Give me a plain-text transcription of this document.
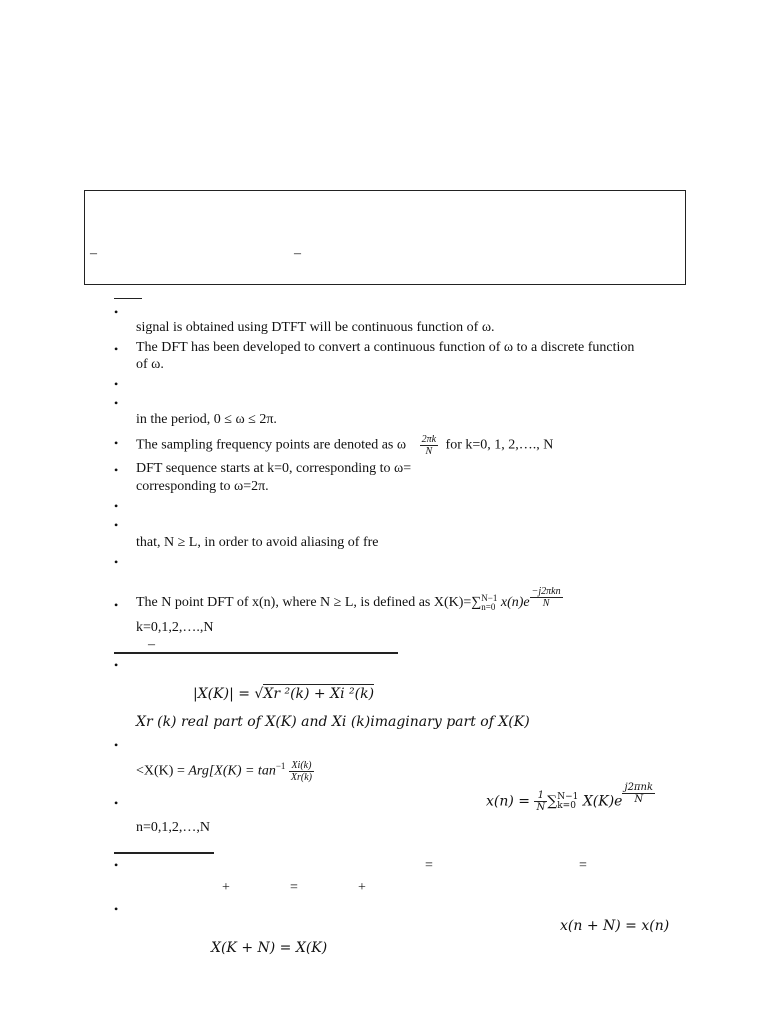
–	–
•
signal is obtained using DTFT will be continuous function of ω.
• The DFT has been developed to convert a continuous function of ω to a discrete function
of ω.
•
•
in the period, 0 ≤ ω ≤ 2π.
• The sampling frequency points are denoted as ω $\frac{2\pi k}{N}$ for k=0, 1, 2,…., N
• DFT sequence starts at k=0, corresponding to ω=
corresponding to ω=2π.
•
•
that, N ≥ L, in order to avoid aliasing of fre
•
• The N point DFT of x(n), where N ≥ L, is defined as X(K)=∑ N−1
n=0 $x(n)e \frac{\text{−j2πkn}}{N}$
k=0,1,2,….,N
–
•
|X(K)| = √Xr ²(k) + Xi ²(k)
Xr (k) real part of X(K) and Xi (k)imaginary part of X(K)
•
$<X(K) = Arg[X(K) = \tan^{-1} \frac{Xi(k)}{Xr(k)}$
•	$x(n) = \frac{1}{N}$ ∑ N−1
k=0 $X(K)e \frac{\text{j2πnk}}{N}$
n=0,1,2,…,N
•	=	=
+	=	+
•
x(n + N) = x(n)
X(K + N) = X(K)
